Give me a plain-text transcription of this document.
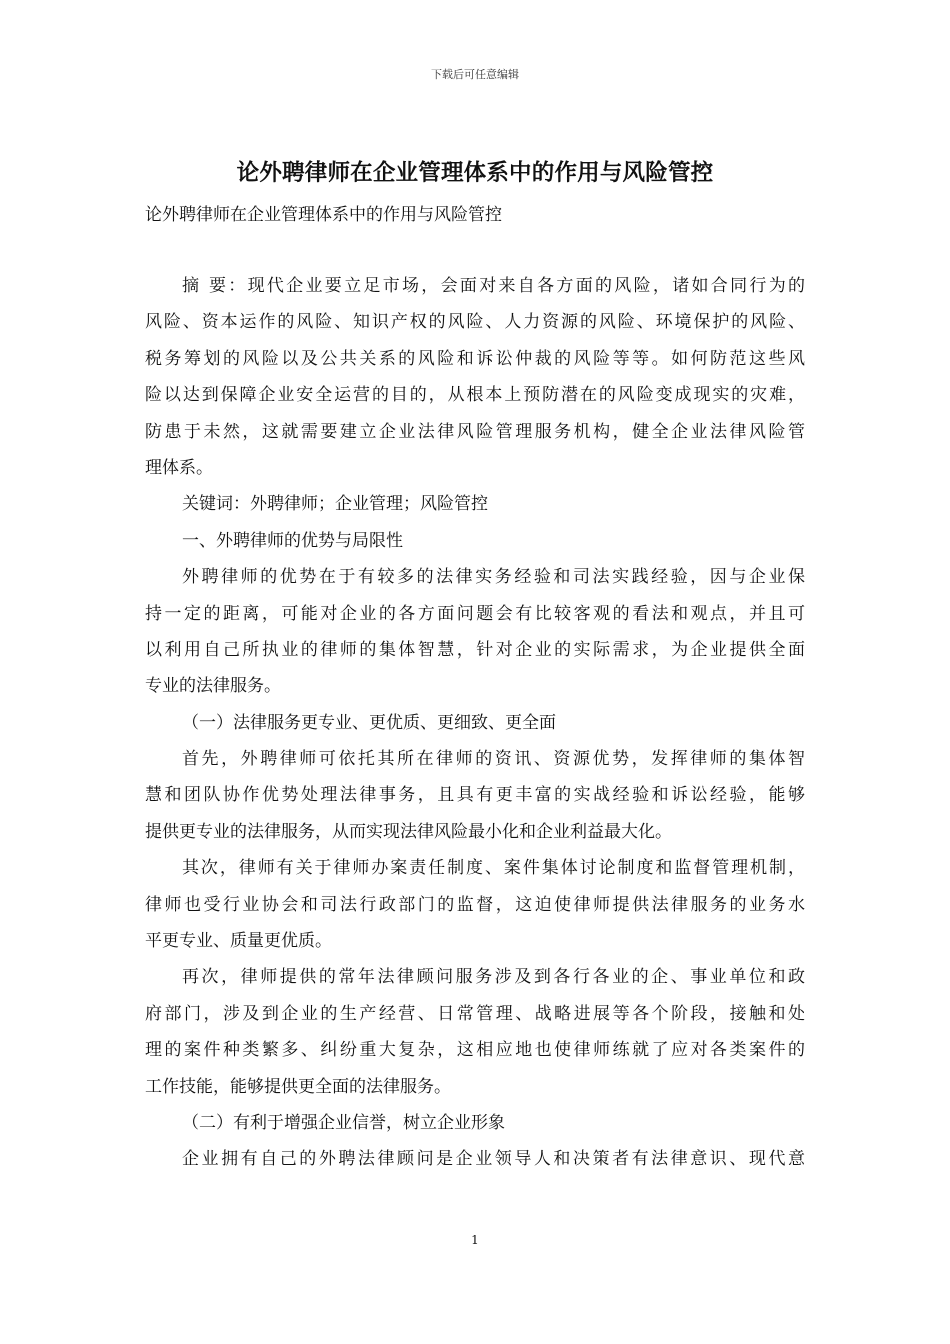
下载后可任意编辑
论外聘律师在企业管理体系中的作用与风险管控
论外聘律师在企业管理体系中的作用与风险管控
摘 要：现代企业要立足市场，会面对来自各方面的风险，诸如合同行为的
风险、资本运作的风险、知识产权的风险、人力资源的风险、环境保护的风险、
税务筹划的风险以及公共关系的风险和诉讼仲裁的风险等等。如何防范这些风
险以达到保障企业安全运营的目的，从根本上预防潜在的风险变成现实的灾难，
防患于未然，这就需要建立企业法律风险管理服务机构，健全企业法律风险管
理体系。
关键词：外聘律师；企业管理；风险管控
一、外聘律师的优势与局限性
外聘律师的优势在于有较多的法律实务经验和司法实践经验，因与企业保
持一定的距离，可能对企业的各方面问题会有比较客观的看法和观点，并且可
以利用自己所执业的律师的集体智慧，针对企业的实际需求，为企业提供全面
专业的法律服务。
（一）法律服务更专业、更优质、更细致、更全面
首先，外聘律师可依托其所在律师的资讯、资源优势，发挥律师的集体智
慧和团队协作优势处理法律事务，且具有更丰富的实战经验和诉讼经验，能够
提供更专业的法律服务，从而实现法律风险最小化和企业利益最大化。
其次，律师有关于律师办案责任制度、案件集体讨论制度和监督管理机制，
律师也受行业协会和司法行政部门的监督，这迫使律师提供法律服务的业务水
平更专业、质量更优质。
再次，律师提供的常年法律顾问服务涉及到各行各业的企、事业单位和政
府部门，涉及到企业的生产经营、日常管理、战略进展等各个阶段，接触和处
理的案件种类繁多、纠纷重大复杂，这相应地也使律师练就了应对各类案件的
工作技能，能够提供更全面的法律服务。
（二）有利于增强企业信誉，树立企业形象
企业拥有自己的外聘法律顾问是企业领导人和决策者有法律意识、现代意
1
